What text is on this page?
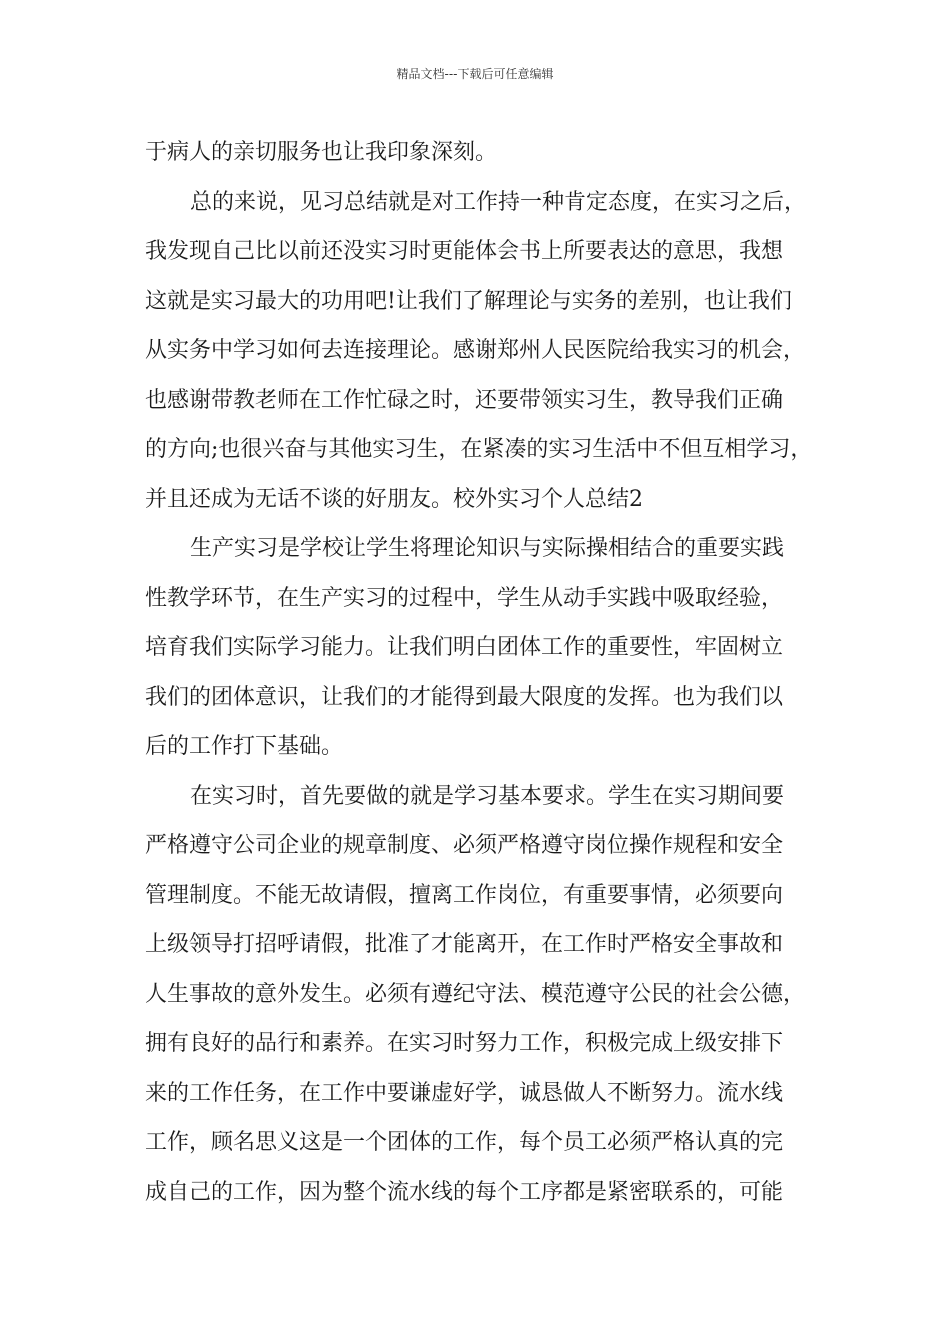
精品文档---下载后可任意编辑
于病人的亲切服务也让我印象深刻。
总的来说，见习总结就是对工作持一种肯定态度，在实习之后，
我发现自己比以前还没实习时更能体会书上所要表达的意思，我想
这就是实习最大的功用吧!让我们了解理论与实务的差别，也让我们
从实务中学习如何去连接理论。感谢郑州人民医院给我实习的机会，
也感谢带教老师在工作忙碌之时，还要带领实习生，教导我们正确
的方向;也很兴奋与其他实习生，在紧凑的实习生活中不但互相学习，
并且还成为无话不谈的好朋友。校外实习个人总结2
生产实习是学校让学生将理论知识与实际操相结合的重要实践
性教学环节，在生产实习的过程中，学生从动手实践中吸取经验，
培育我们实际学习能力。让我们明白团体工作的重要性，牢固树立
我们的团体意识，让我们的才能得到最大限度的发挥。也为我们以
后的工作打下基础。
在实习时，首先要做的就是学习基本要求。学生在实习期间要
严格遵守公司企业的规章制度、必须严格遵守岗位操作规程和安全
管理制度。不能无故请假，擅离工作岗位，有重要事情，必须要向
上级领导打招呼请假，批准了才能离开，在工作时严格安全事故和
人生事故的意外发生。必须有遵纪守法、模范遵守公民的社会公德，
拥有良好的品行和素养。在实习时努力工作，积极完成上级安排下
来的工作任务，在工作中要谦虚好学，诚恳做人不断努力。流水线
工作，顾名思义这是一个团体的工作，每个员工必须严格认真的完
成自己的工作，因为整个流水线的每个工序都是紧密联系的，可能
